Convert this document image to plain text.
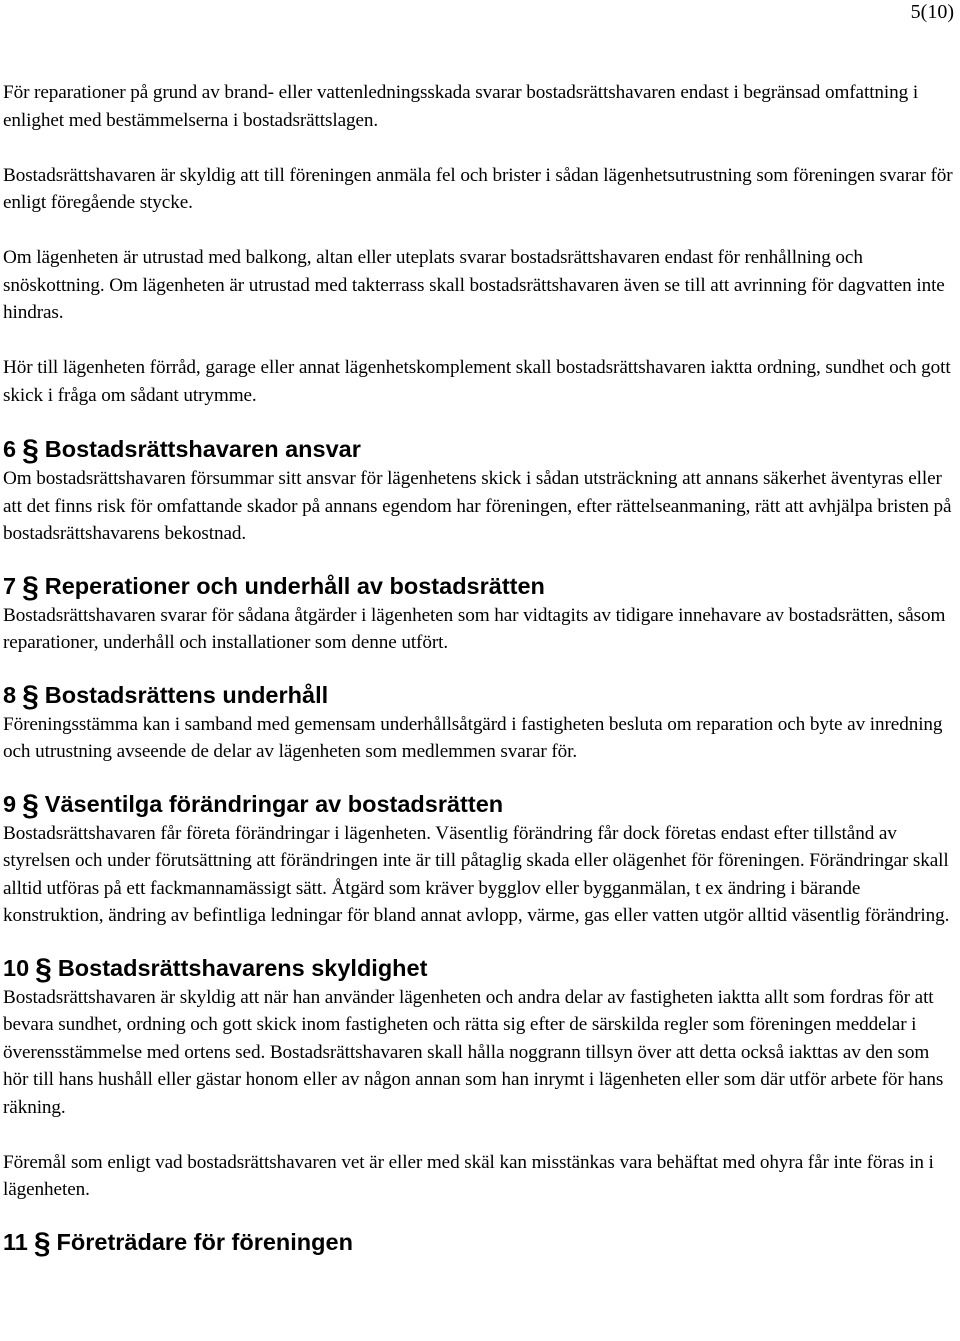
5(10)

För reparationer på grund av brand- eller vattenledningsskada svarar bostadsrättshavaren endast i begränsad omfattning i enlighet med bestämmelserna i bostadsrättslagen.

Bostadsrättshavaren är skyldig att till föreningen anmäla fel och brister i sådan lägenhetsutrustning som föreningen svarar för enligt föregående stycke.

Om lägenheten är utrustad med balkong, altan eller uteplats svarar bostadsrättshavaren endast för renhållning och snöskottning. Om lägenheten är utrustad med takterrass skall bostadsrättshavaren även se till att avrinning för dagvatten inte hindras.

Hör till lägenheten förråd, garage eller annat lägenhetskomplement skall bostadsrättshavaren iaktta ordning, sundhet och gott skick i fråga om sådant utrymme.

6 § Bostadsrättshavaren ansvar

Om bostadsrättshavaren försummar sitt ansvar för lägenhetens skick i sådan utsträckning att annans säkerhet äventyras eller att det finns risk för omfattande skador på annans egendom har föreningen, efter rättelseanmaning, rätt att avhjälpa bristen på bostadsrättshavarens bekostnad.

7 § Reperationer och underhåll av bostadsrätten

Bostadsrättshavaren svarar för sådana åtgärder i lägenheten som har vidtagits av tidigare innehavare av bostadsrätten, såsom reparationer, underhåll och installationer som denne utfört.

8 § Bostadsrättens underhåll

Föreningsstämma kan i samband med gemensam underhållsåtgärd i fastigheten besluta om reparation och byte av inredning och utrustning avseende de delar av lägenheten som medlemmen svarar för.

9 § Väsentilga förändringar av bostadsrätten

Bostadsrättshavaren får företa förändringar i lägenheten. Väsentlig förändring får dock företas endast efter tillstånd av styrelsen och under förutsättning att förändringen inte är till påtaglig skada eller olägenhet för föreningen. Förändringar skall alltid utföras på ett fackmannamässigt sätt. Åtgärd som kräver bygglov eller bygganmälan, t ex ändring i bärande konstruktion, ändring av befintliga ledningar för bland annat avlopp, värme, gas eller vatten utgör alltid väsentlig förändring.

10 § Bostadsrättshavarens skyldighet

Bostadsrättshavaren är skyldig att när han använder lägenheten och andra delar av fastigheten iaktta allt som fordras för att bevara sundhet, ordning och gott skick inom fastigheten och rätta sig efter de särskilda regler som föreningen meddelar i överensstämmelse med ortens sed. Bostadsrättshavaren skall hålla noggrann tillsyn över att detta också iakttas av den som hör till hans hushåll eller gästar honom eller av någon annan som han inrymt i lägenheten eller som där utför arbete för hans räkning.

Föremål som enligt vad bostadsrättshavaren vet är eller med skäl kan misstänkas vara behäftat med ohyra får inte föras in i lägenheten.

11 § Företrädare för föreningen
